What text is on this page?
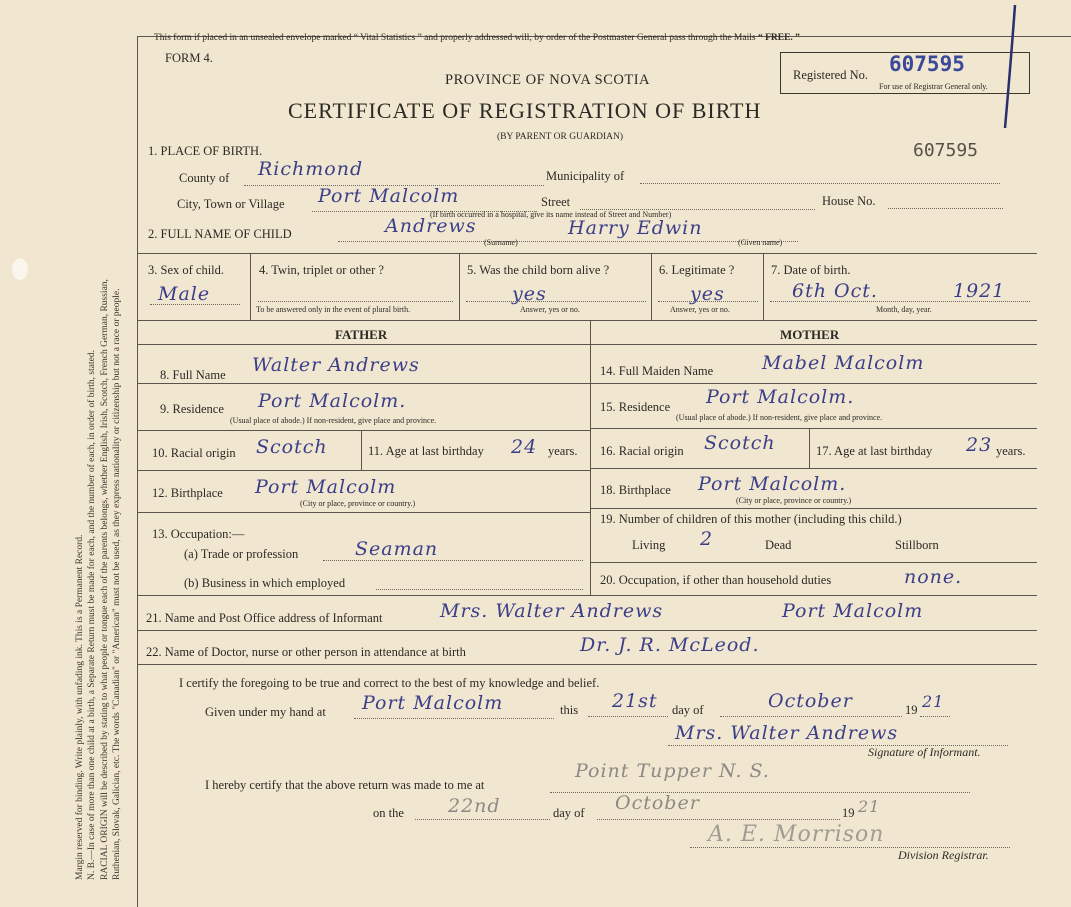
Margin reserved for binding. Write plainly, with unfading ink. This is a Permanent Record. N. B.—In case of more than one child at a birth, a Separate Return must be made for each, and the number of each, in order of birth, stated. RACIAL ORIGIN will be described by stating to what people or tongue each of the parents belongs, whether English, Irish, Scotch, French German, Russian, Ruthenian, Slovak, Galician, etc. The words "Canadian" or "American" must not be used, as they express nationality or citizenship but not a race or people.
This form if placed in an unsealed envelope marked “ Vital Statistics ” and properly addressed will, by order of the Postmaster General pass through the Mails “ FREE. ”
FORM 4.
PROVINCE OF NOVA SCOTIA
CERTIFICATE OF REGISTRATION OF BIRTH
(BY PARENT OR GUARDIAN)
Registered No. 607595
For use of Registrar General only.
607595
1. PLACE OF BIRTH.
County of Richmond	Municipality of
City, Town or Village Port Malcolm	Street	House No.
(If birth occurred in a hospital, give its name instead of Street and Number)
2. FULL NAME OF CHILD	Andrews	Harry Edwin
(Surname)	(Given name)
3. Sex of child.
Male
4. Twin, triplet or other ?
To be answered only in the event of plural birth.
5. Was the child born alive ?
yes
Answer, yes or no.
6. Legitimate ?
yes
Answer, yes or no.
7. Date of birth.
6th Oct.	1921
Month, day, year.
FATHER	MOTHER
8. Full Name Walter Andrews
9. Residence Port Malcolm.
(Usual place of abode.) If non-resident, give place and province.
10. Racial origin Scotch	11. Age at last birthday 24 years.
12. Birthplace Port Malcolm
(City or place, province or country.)
13. Occupation:—
(a) Trade or profession	Seaman
(b) Business in which employed
14. Full Maiden Name	Mabel Malcolm
15. Residence Port Malcolm.
(Usual place of abode.) If non-resident, give place and province.
16. Racial origin Scotch	17. Age at last birthday 23 years.
18. Birthplace Port Malcolm.
(City or place, province or country.)
19. Number of children of this mother (including this child.)
Living 2	Dead	Stillborn
20. Occupation, if other than household duties	none.
21. Name and Post Office address of Informant	Mrs. Walter Andrews	Port Malcolm
22. Name of Doctor, nurse or other person in attendance at birth	Dr. J. R. McLeod.
I certify the foregoing to be true and correct to the best of my knowledge and belief.
Given under my hand at Port Malcolm	this 21st day of	October	19 21
Mrs. Walter Andrews
Signature of Informant.
I hereby certify that the above return was made to me at
Point Tupper N. S.
on the 22nd	day of October	19 21
A. E. Morrison
Division Registrar.
